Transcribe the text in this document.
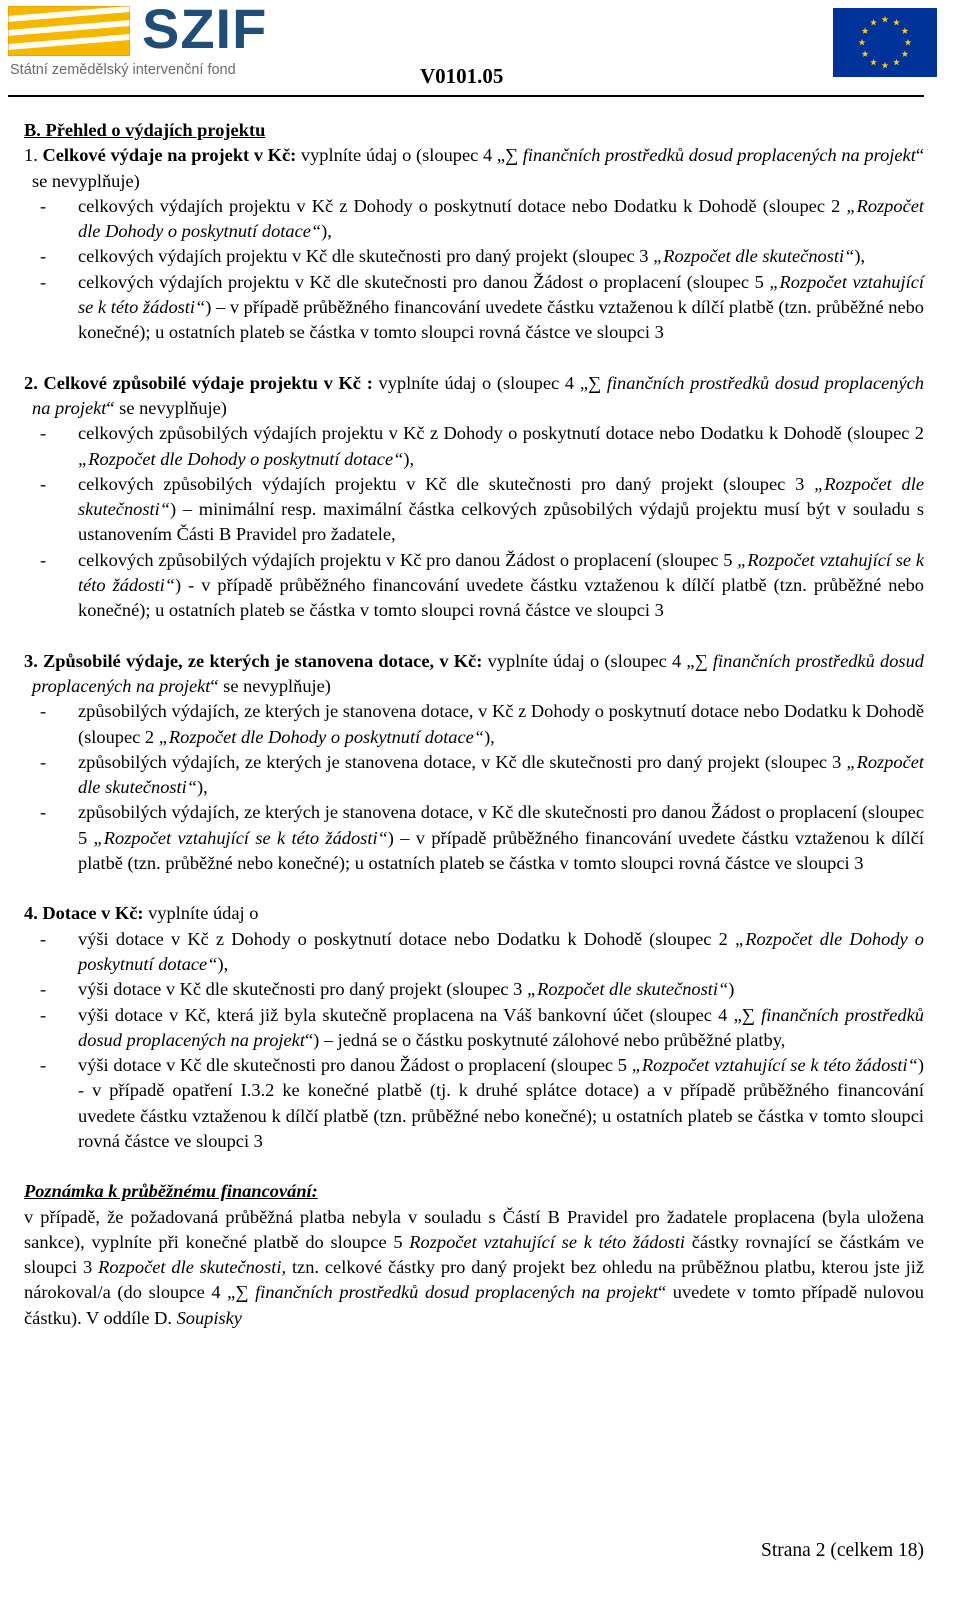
SZIF
Státní zemědělský intervenční fond	V0101.05

B. Přehled o výdajích projektu

1. Celkové výdaje na projekt v Kč: vyplníte údaj o (sloupec 4 „∑ finančních prostředků dosud proplacených na projekt“ se nevyplňuje)

- celkových výdajích projektu v Kč z Dohody o poskytnutí dotace nebo Dodatku k Dohodě (sloupec 2 „Rozpočet dle Dohody o poskytnutí dotace“),
- celkových výdajích projektu v Kč dle skutečnosti pro daný projekt (sloupec 3 „Rozpočet dle skutečnosti“),
- celkových výdajích projektu v Kč dle skutečnosti pro danou Žádost o proplacení (sloupec 5 „Rozpočet vztahující se k této žádosti“) – v případě průběžného financování uvedete částku vztaženou k dílčí platbě (tzn. průběžné nebo konečné); u ostatních plateb se částka v tomto sloupci rovná částce ve sloupci 3

2. Celkové způsobilé výdaje projektu v Kč : vyplníte údaj o (sloupec 4 „∑ finančních prostředků dosud proplacených na projekt“ se nevyplňuje)

- celkových způsobilých výdajích projektu v Kč z Dohody o poskytnutí dotace nebo Dodatku k Dohodě (sloupec 2 „Rozpočet dle Dohody o poskytnutí dotace“),
- celkových způsobilých výdajích projektu v Kč dle skutečnosti pro daný projekt (sloupec 3 „Rozpočet dle skutečnosti“) – minimální resp. maximální částka celkových způsobilých výdajů projektu musí být v souladu s ustanovením Části B Pravidel pro žadatele,
- celkových způsobilých výdajích projektu v Kč pro danou Žádost o proplacení (sloupec 5 „Rozpočet vztahující se k této žádosti“) - v případě průběžného financování uvedete částku vztaženou k dílčí platbě (tzn. průběžné nebo konečné); u ostatních plateb se částka v tomto sloupci rovná částce ve sloupci 3

3. Způsobilé výdaje, ze kterých je stanovena dotace, v Kč: vyplníte údaj o (sloupec 4 „∑ finančních prostředků dosud proplacených na projekt“ se nevyplňuje)

- způsobilých výdajích, ze kterých je stanovena dotace, v Kč z Dohody o poskytnutí dotace nebo Dodatku k Dohodě (sloupec 2 „Rozpočet dle Dohody o poskytnutí dotace“),
- způsobilých výdajích, ze kterých je stanovena dotace, v Kč dle skutečnosti pro daný projekt (sloupec 3 „Rozpočet dle skutečnosti“),
- způsobilých výdajích, ze kterých je stanovena dotace, v Kč dle skutečnosti pro danou Žádost o proplacení (sloupec 5 „Rozpočet vztahující se k této žádosti“) – v případě průběžného financování uvedete částku vztaženou k dílčí platbě (tzn. průběžné nebo konečné); u ostatních plateb se částka v tomto sloupci rovná částce ve sloupci 3

4. Dotace v Kč: vyplníte údaj o

- výši dotace v Kč z Dohody o poskytnutí dotace nebo Dodatku k Dohodě (sloupec 2 „Rozpočet dle Dohody o poskytnutí dotace“),
- výši dotace v Kč dle skutečnosti pro daný projekt (sloupec 3 „Rozpočet dle skutečnosti“)
- výši dotace v Kč, která již byla skutečně proplacena na Váš bankovní účet (sloupec 4 „∑ finančních prostředků dosud proplacených na projekt“) – jedná se o částku poskytnuté zálohové nebo průběžné platby,
- výši dotace v Kč dle skutečnosti pro danou Žádost o proplacení (sloupec 5 „Rozpočet vztahující se k této žádosti“) - v případě opatření I.3.2 ke konečné platbě (tj. k druhé splátce dotace) a v případě průběžného financování uvedete částku vztaženou k dílčí platbě (tzn. průběžné nebo konečné); u ostatních plateb se částka v tomto sloupci rovná částce ve sloupci 3

Poznámka k průběžnému financování:

v případě, že požadovaná průběžná platba nebyla v souladu s Částí B Pravidel pro žadatele proplacena (byla uložena sankce), vyplníte při konečné platbě do sloupce 5 Rozpočet vztahující se k této žádosti částky rovnající se částkám ve sloupci 3 Rozpočet dle skutečnosti, tzn. celkové částky pro daný projekt bez ohledu na průběžnou platbu, kterou jste již nárokoval/a (do sloupce 4 „∑ finančních prostředků dosud proplacených na projekt“ uvedete v tomto případě nulovou částku). V oddíle D. Soupisky

Strana 2 (celkem 18)
